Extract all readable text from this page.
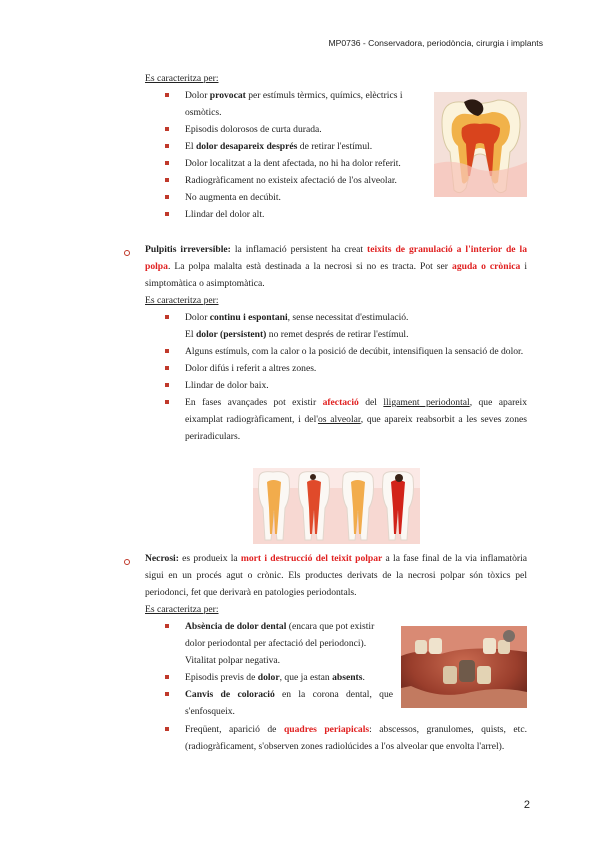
MP0736 - Conservadora, periodòncia, cirurgia i implants
Es caracteritza per:
Dolor provocat per estímuls tèrmics, químics, elèctrics i
osmòtics.
Episodis dolorosos de curta durada.
El dolor desapareix després de retirar l'estímul.
Dolor localitzat a la dent afectada, no hi ha dolor referit.
Radiogràficament no existeix afectació de l'os alveolar.
No augmenta en decúbit.
Llindar del dolor alt.
Pulpitis irreversible: la inflamació persistent ha creat teixits de granulació a l'interior de la polpa. La polpa malalta està destinada a la necrosi si no es tracta. Pot ser aguda o crònica i simptomàtica o asimptomàtica.
Es caracteritza per:
Dolor continu i espontani, sense necessitat d'estimulació.
El dolor (persistent) no remet després de retirar l'estímul.
Alguns estímuls, com la calor o la posició de decúbit, intensifiquen la sensació de dolor.
Dolor difús i referit a altres zones.
Llindar de dolor baix.
En fases avançades pot existir afectació del lligament periodontal, que apareix eixamplat radiogràficament, i del'os alveolar, que apareix reabsorbit a les seves zones periradiculars.
Necrosi: es produeix la mort i destrucció del teixit polpar a la fase final de la via inflamatòria sigui en un procés agut o crònic. Els productes derivats de la necrosi polpar són tòxics pel periodonci, fet que derivarà en patologies periodontals.
Es caracteritza per:
Absència de dolor dental (encara que pot existir dolor periodontal per afectació del periodonci).
Vitalitat polpar negativa.
Episodis previs de dolor, que ja estan absents.
Canvis de coloració en la corona dental, que s'enfosqueix.
Freqüent, aparició de quadres periapicals: abscessos, granulomes, quists, etc. (radiogràficament, s'observen zones radiolúcides a l'os alveolar que envolta l'arrel).
2
